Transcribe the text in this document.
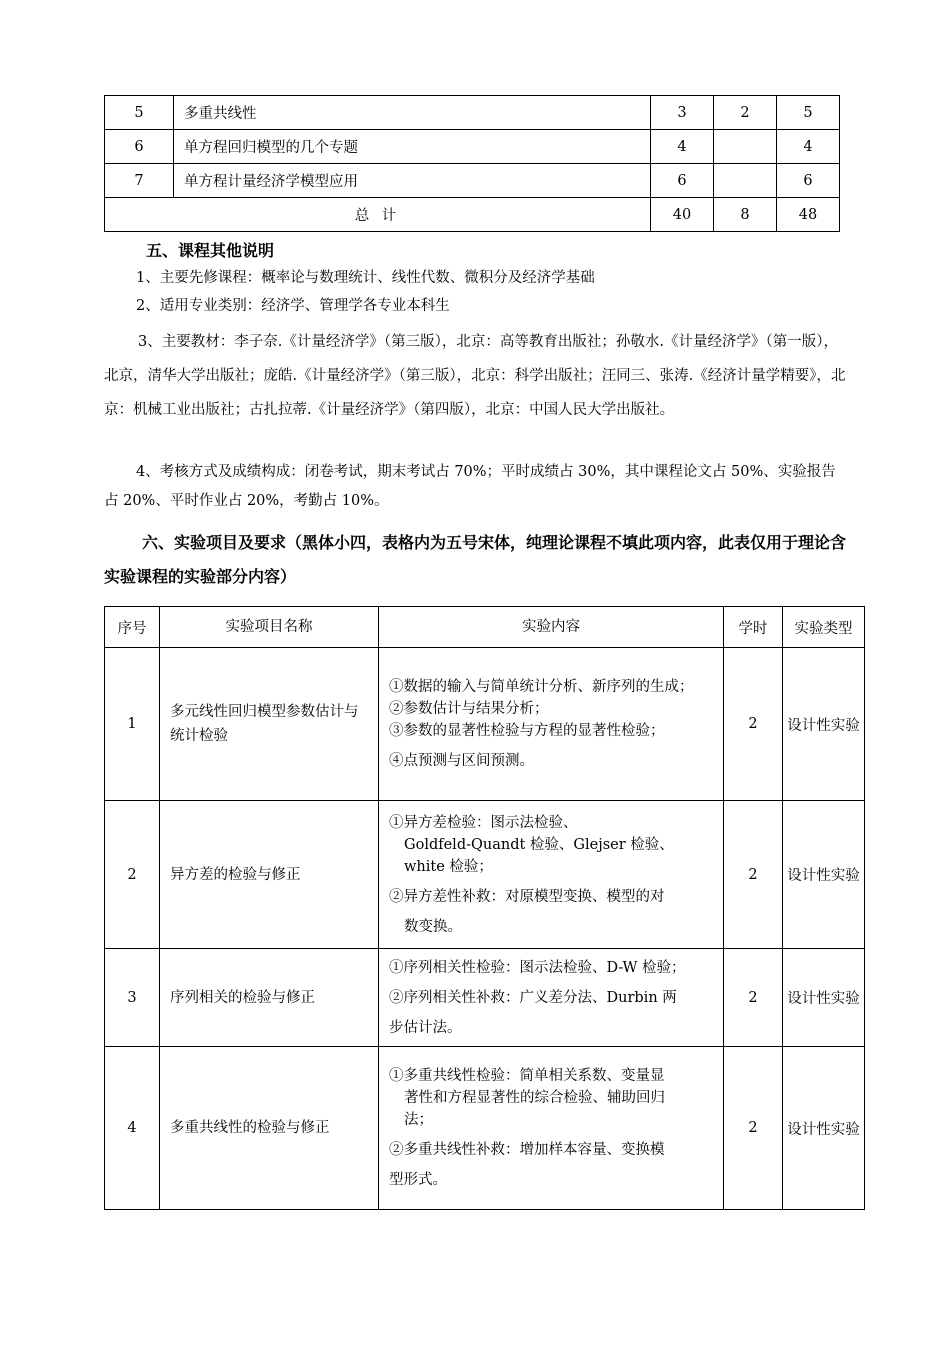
5	多重共线性	3	2	5
6	单方程回归模型的几个专题	4		4
7	单方程计量经济学模型应用	6		6
总 计		40	8	48
五、课程其他说明
1、主要先修课程：概率论与数理统计、线性代数、微积分及经济学基础
2、适用专业类别：经济学、管理学各专业本科生
3、主要教材：李子奈.《计量经济学》（第三版），北京：高等教育出版社；孙敬水.《计量经济学》（第一版），北京，清华大学出版社；庞皓.《计量经济学》（第三版），北京：科学出版社；汪同三、张涛.《经济计量学精要》，北京：机械工业出版社；古扎拉蒂.《计量经济学》（第四版），北京：中国人民大学出版社。
4、考核方式及成绩构成：闭卷考试，期末考试占 70%；平时成绩占 30%，其中课程论文占 50%、实验报告占 20%、平时作业占 20%，考勤占 10%。
六、实验项目及要求（黑体小四，表格内为五号宋体，纯理论课程不填此项内容，此表仅用于理论含实验课程的实验部分内容）
序号	实验项目名称	实验内容	学时	实验类型
1	多元线性回归模型参数估计与统计检验	①数据的输入与简单统计分析、新序列的生成；
②参数估计与结果分析；
③参数的显著性检验与方程的显著性检验；
④点预测与区间预测。	2	设计性实验
2	异方差的检验与修正	①异方差检验：图示法检验、
Goldfeld-Quandt 检验、Glejser 检验、
white 检验；
②异方差性补救：对原模型变换、模型的对
数变换。	2	设计性实验
3	序列相关的检验与修正	①序列相关性检验：图示法检验、D-W 检验；
②序列相关性补救：广义差分法、Durbin 两
步估计法。	2	设计性实验
4	多重共线性的检验与修正	①多重共线性检验：简单相关系数、变量显
著性和方程显著性的综合检验、辅助回归
法；
②多重共线性补救：增加样本容量、变换模
型形式。	2	设计性实验
